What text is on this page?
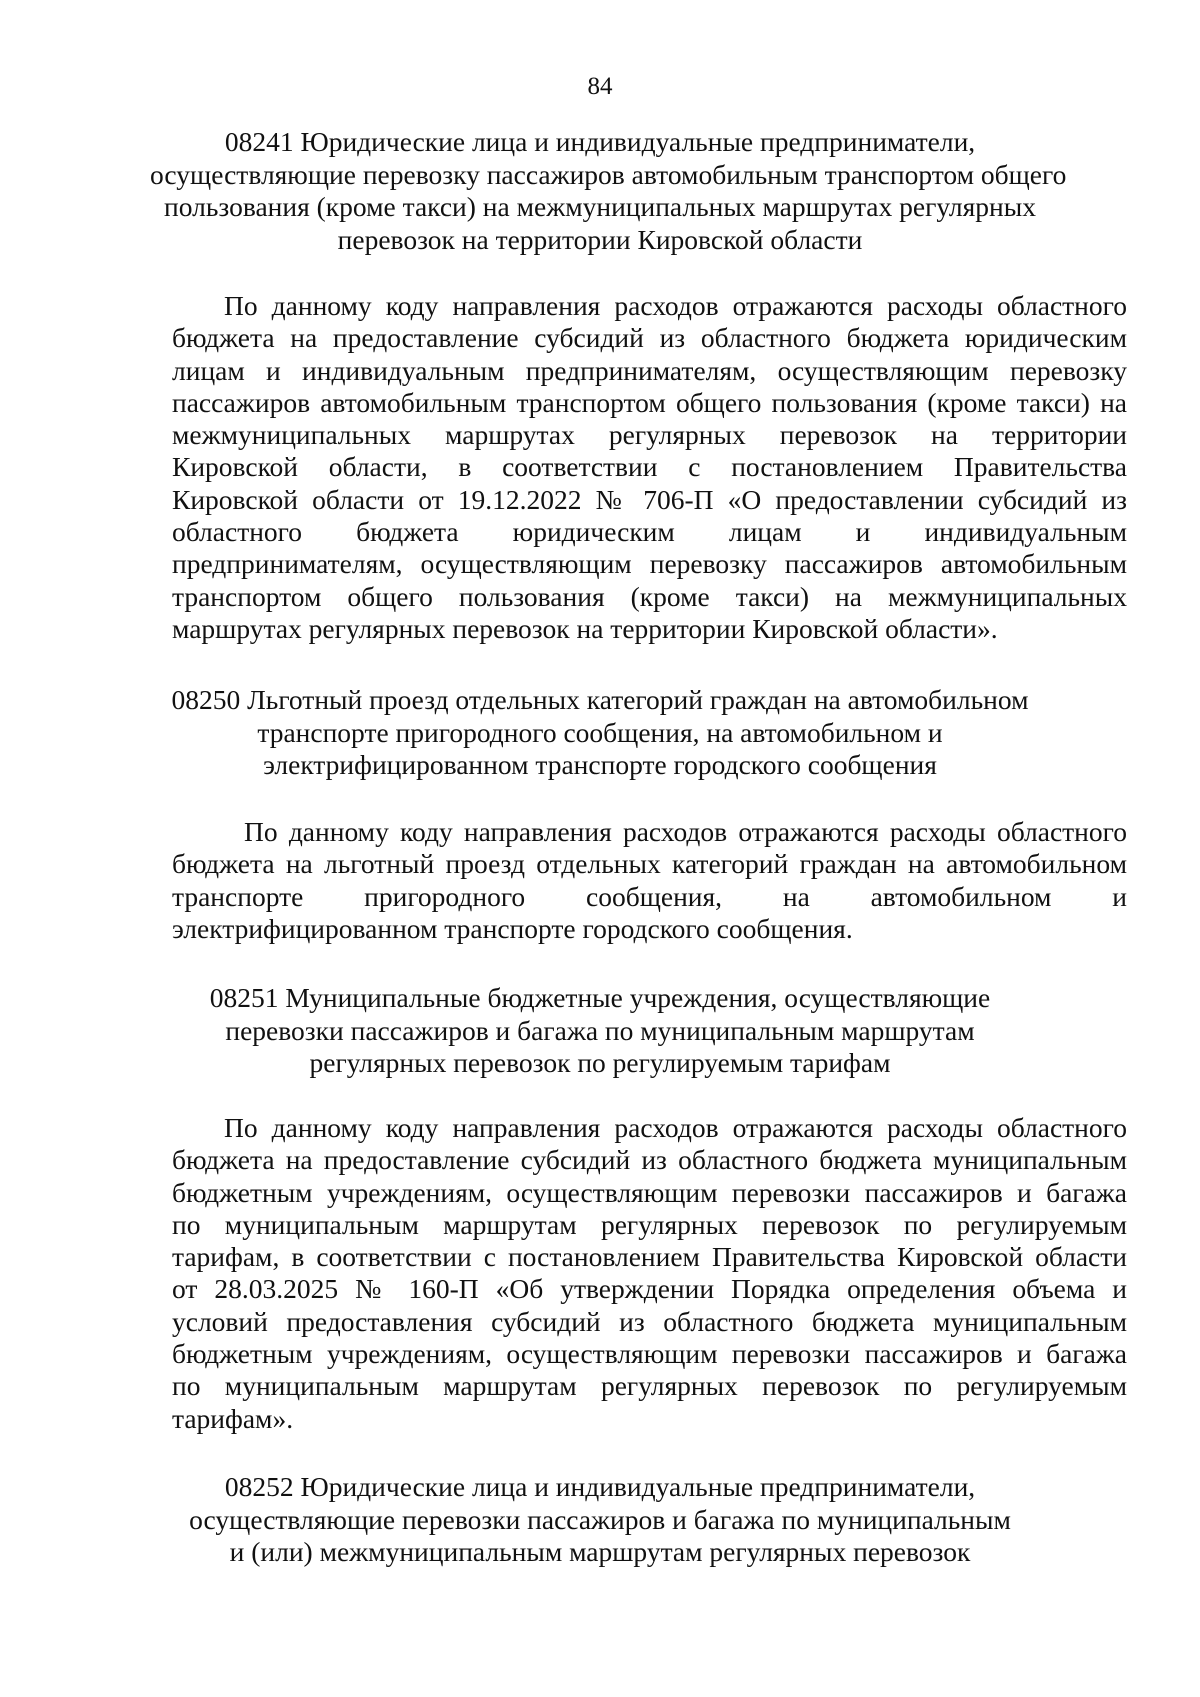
84
08241 Юридические лица и индивидуальные предприниматели,
осуществляющие перевозку пассажиров автомобильным транспортом общего
пользования (кроме такси) на межмуниципальных маршрутах регулярных
перевозок на территории Кировской области
По данному коду направления расходов отражаются расходы областного
бюджета на предоставление субсидий из областного бюджета юридическим
лицам и индивидуальным предпринимателям, осуществляющим перевозку
пассажиров автомобильным транспортом общего пользования (кроме такси) на
межмуниципальных маршрутах регулярных перевозок на территории
Кировской области, в соответствии с постановлением Правительства
Кировской области от 19.12.2022 № 706-П «О предоставлении субсидий из
областного бюджета юридическим лицам и индивидуальным
предпринимателям, осуществляющим перевозку пассажиров автомобильным
транспортом общего пользования (кроме такси) на межмуниципальных
маршрутах регулярных перевозок на территории Кировской области».
08250 Льготный проезд отдельных категорий граждан на автомобильном
транспорте пригородного сообщения, на автомобильном и
электрифицированном транспорте городского сообщения
По данному коду направления расходов отражаются расходы областного
бюджета на льготный проезд отдельных категорий граждан на автомобильном
транспорте пригородного сообщения, на автомобильном и
электрифицированном транспорте городского сообщения.
08251 Муниципальные бюджетные учреждения, осуществляющие
перевозки пассажиров и багажа по муниципальным маршрутам
регулярных перевозок по регулируемым тарифам
По данному коду направления расходов отражаются расходы областного
бюджета на предоставление субсидий из областного бюджета муниципальным
бюджетным учреждениям, осуществляющим перевозки пассажиров и багажа
по муниципальным маршрутам регулярных перевозок по регулируемым
тарифам, в соответствии с постановлением Правительства Кировской области
от 28.03.2025 № 160-П «Об утверждении Порядка определения объема и
условий предоставления субсидий из областного бюджета муниципальным
бюджетным учреждениям, осуществляющим перевозки пассажиров и багажа
по муниципальным маршрутам регулярных перевозок по регулируемым
тарифам».
08252 Юридические лица и индивидуальные предприниматели,
осуществляющие перевозки пассажиров и багажа по муниципальным
и (или) межмуниципальным маршрутам регулярных перевозок
